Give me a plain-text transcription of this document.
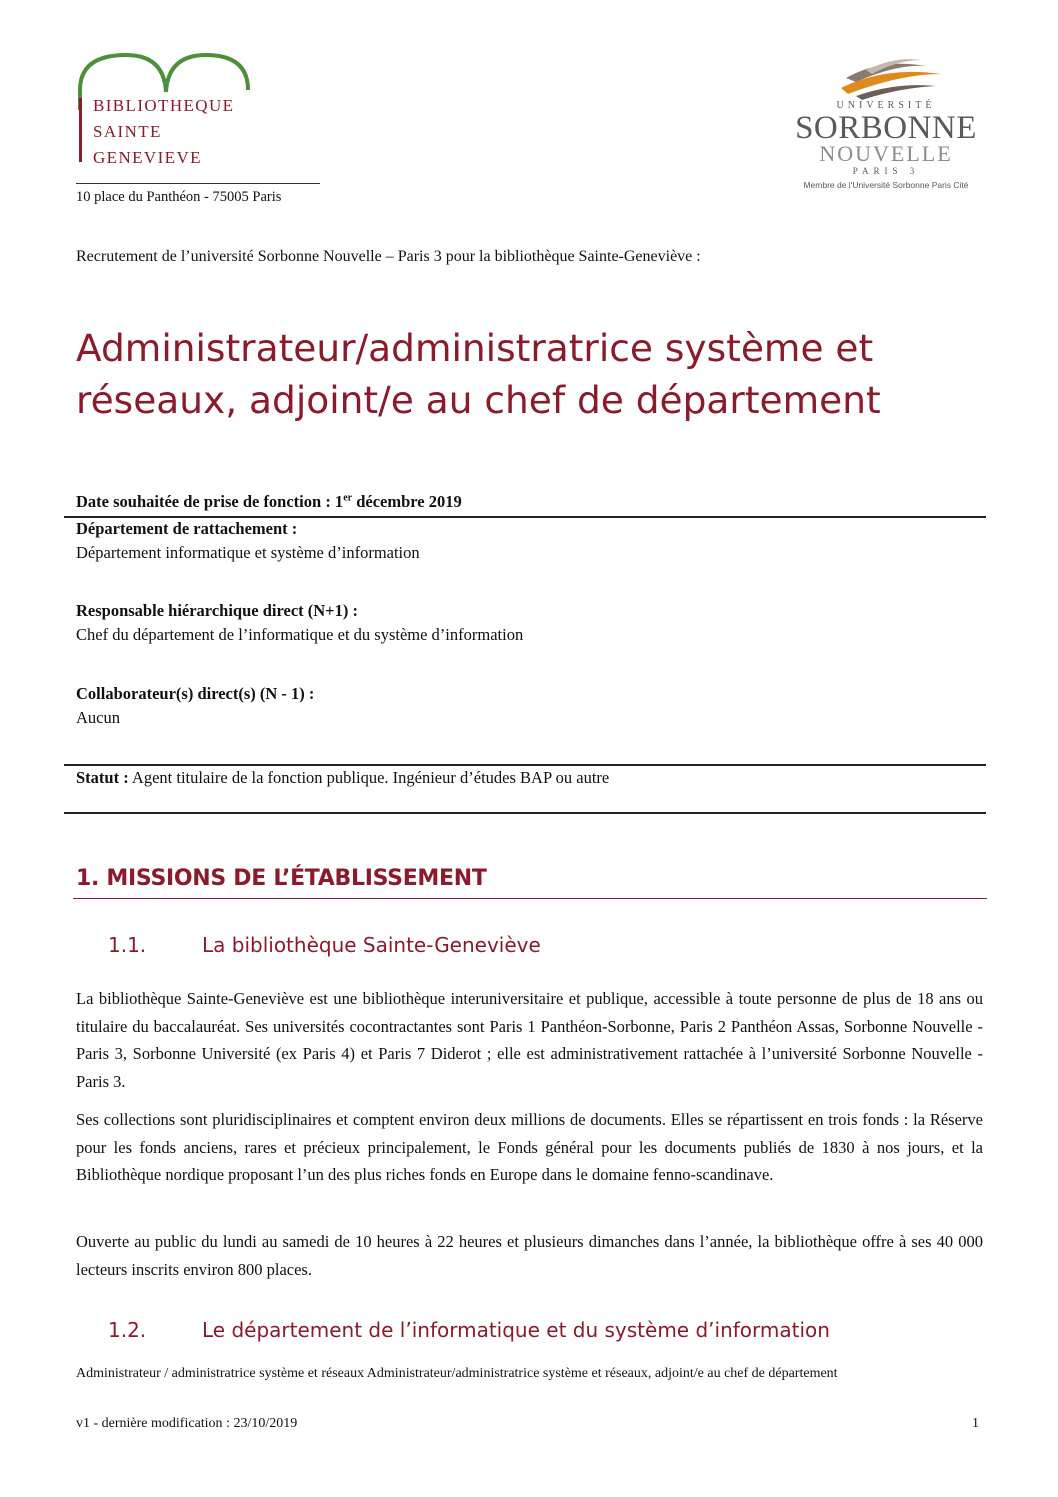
BIBLIOTHEQUE
SAINTE
GENEVIEVE
10 place du Panthéon - 75005 Paris
UNIVERSITÉ
SORBONNE
NOUVELLE
PARIS 3
Membre de l'Université Sorbonne Paris Cité
Recrutement de l’université Sorbonne Nouvelle – Paris 3 pour la bibliothèque Sainte-Geneviève :
Administrateur/administratrice système et
réseaux, adjoint/e au chef de département
Date souhaitée de prise de fonction : 1er décembre 2019
Département de rattachement :
Département informatique et système d’information
Responsable hiérarchique direct (N+1) :
Chef du département de l’informatique et du système d’information
Collaborateur(s) direct(s) (N - 1) :
Aucun
Statut : Agent titulaire de la fonction publique. Ingénieur d’études BAP ou autre
1. MISSIONS DE L’ÉTABLISSEMENT
1.1.	La bibliothèque Sainte-Geneviève

La bibliothèque Sainte-Geneviève est une bibliothèque interuniversitaire et publique, accessible à toute personne de plus de 18 ans ou titulaire du baccalauréat. Ses universités cocontractantes sont Paris 1 Panthéon-Sorbonne, Paris 2 Panthéon Assas, Sorbonne Nouvelle - Paris 3, Sorbonne Université (ex Paris 4) et Paris 7 Diderot ; elle est administrativement rattachée à l’université Sorbonne Nouvelle - Paris 3.

Ses collections sont pluridisciplinaires et comptent environ deux millions de documents. Elles se répartissent en trois fonds : la Réserve pour les fonds anciens, rares et précieux principalement, le Fonds général pour les documents publiés de 1830 à nos jours, et la Bibliothèque nordique proposant l’un des plus riches fonds en Europe dans le domaine fenno-scandinave.

Ouverte au public du lundi au samedi de 10 heures à 22 heures et plusieurs dimanches dans l’année, la bibliothèque offre à ses 40 000 lecteurs inscrits environ 800 places.

1.2.	Le département de l’informatique et du système d’information
Administrateur / administratrice système et réseaux Administrateur/administratrice système et réseaux, adjoint/e au chef de département
v1 - dernière modification : 23/10/2019	1
